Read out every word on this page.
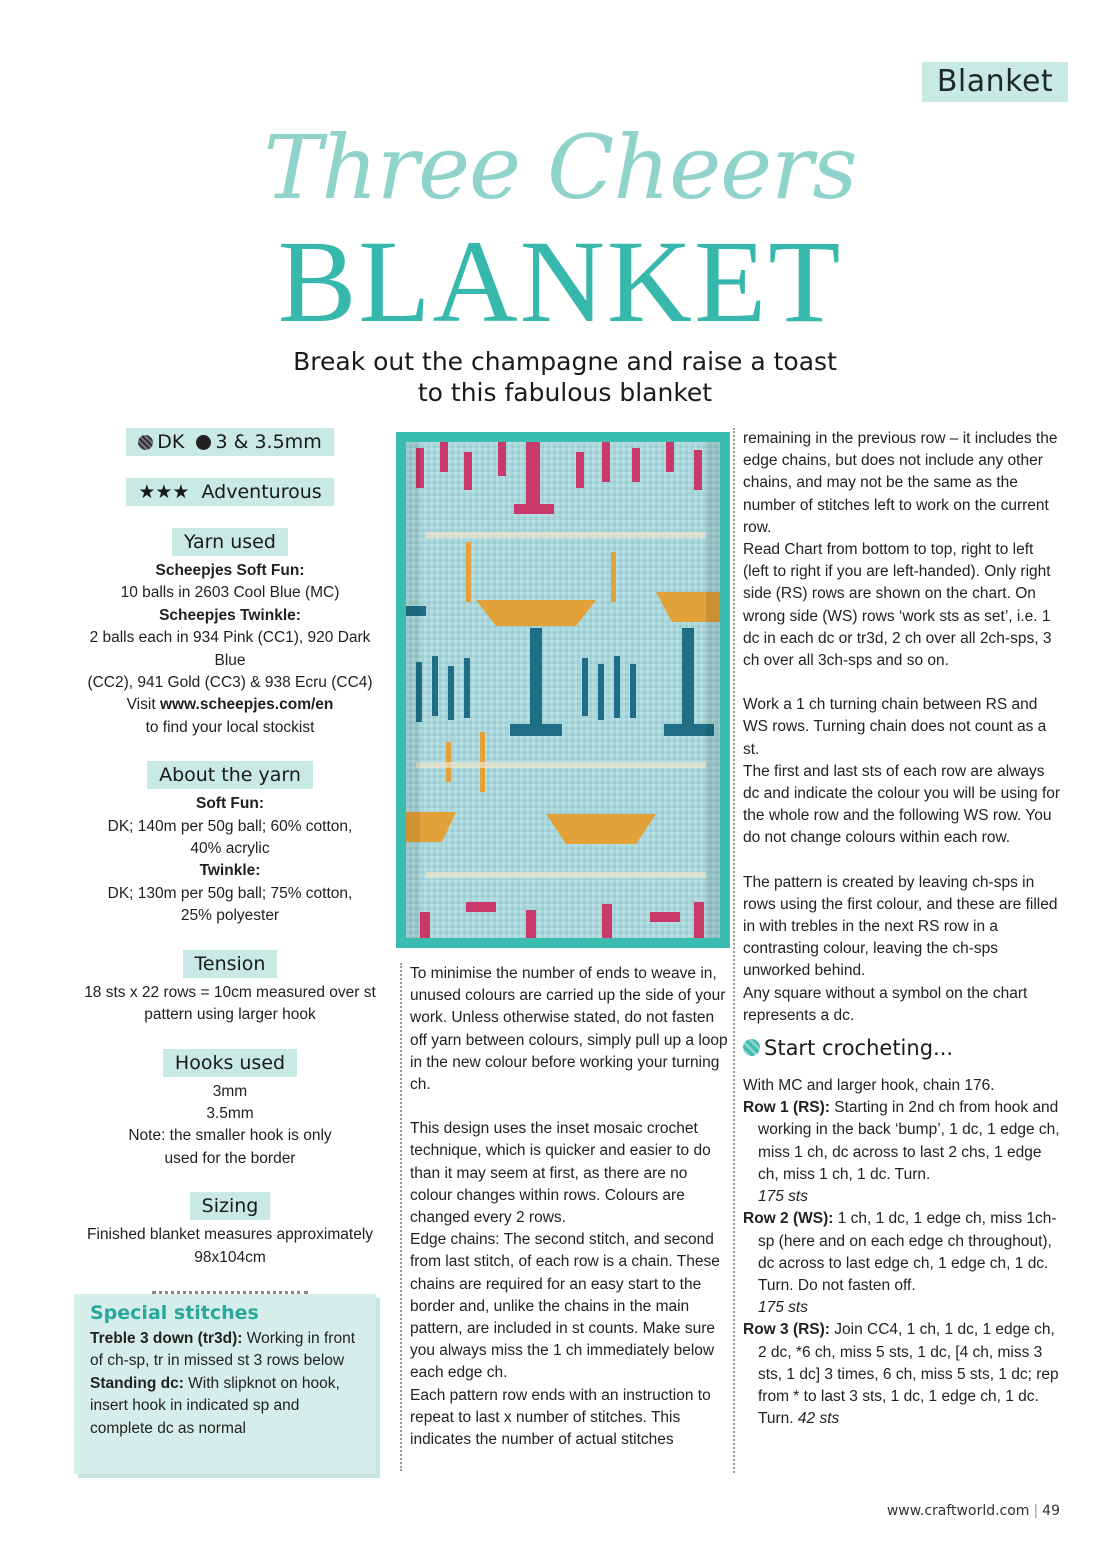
Blanket
Three Cheers
BLANKET
Break out the champagne and raise a toast
to this fabulous blanket
DK 3 & 3.5mm
★★★ Adventurous
Yarn used
Scheepjes Soft Fun:
10 balls in 2603 Cool Blue (MC)
Scheepjes Twinkle:
2 balls each in 934 Pink (CC1), 920 Dark Blue
(CC2), 941 Gold (CC3) & 938 Ecru (CC4)
Visit www.scheepjes.com/en
to find your local stockist
About the yarn
Soft Fun:
DK; 140m per 50g ball; 60% cotton,
40% acrylic
Twinkle:
DK; 130m per 50g ball; 75% cotton,
25% polyester
Tension
18 sts x 22 rows = 10cm measured over st
pattern using larger hook
Hooks used
3mm
3.5mm
Note: the smaller hook is only
used for the border
Sizing
Finished blanket measures approximately
98x104cm
Special stitches
Treble 3 down (tr3d): Working in front of ch-sp, tr in missed st 3 rows below
Standing dc: With slipknot on hook, insert hook in indicated sp and complete dc as normal

To minimise the number of ends to weave in, unused colours are carried up the side of your work. Unless otherwise stated, do not fasten off yarn between colours, simply pull up a loop in the new colour before working your turning ch.

This design uses the inset mosaic crochet technique, which is quicker and easier to do than it may seem at first, as there are no colour changes within rows. Colours are changed every 2 rows.

Edge chains: The second stitch, and second from last stitch, of each row is a chain. These chains are required for an easy start to the border and, unlike the chains in the main pattern, are included in st counts. Make sure you always miss the 1 ch immediately below each edge ch.

Each pattern row ends with an instruction to repeat to last x number of stitches. This indicates the number of actual stitches

remaining in the previous row – it includes the edge chains, but does not include any other chains, and may not be the same as the number of stitches left to work on the current row.

Read Chart from bottom to top, right to left (left to right if you are left-handed). Only right side (RS) rows are shown on the chart. On wrong side (WS) rows ‘work sts as set’, i.e. 1 dc in each dc or tr3d, 2 ch over all 2ch-sps, 3 ch over all 3ch-sps and so on.

Work a 1 ch turning chain between RS and WS rows. Turning chain does not count as a st.

The first and last sts of each row are always dc and indicate the colour you will be using for the whole row and the following WS row. You do not change colours within each row.

The pattern is created by leaving ch-sps in rows using the first colour, and these are filled in with trebles in the next RS row in a contrasting colour, leaving the ch-sps unworked behind.

Any square without a symbol on the chart represents a dc.

Start crocheting...

With MC and larger hook, chain 176.

Row 1 (RS): Starting in 2nd ch from hook and working in the back ‘bump’, 1 dc, 1 edge ch, miss 1 ch, dc across to last 2 chs, 1 edge ch, miss 1 ch, 1 dc. Turn.
175 sts

Row 2 (WS): 1 ch, 1 dc, 1 edge ch, miss 1ch-sp (here and on each edge ch throughout), dc across to last edge ch, 1 edge ch, 1 dc. Turn. Do not fasten off.
175 sts

Row 3 (RS): Join CC4, 1 ch, 1 dc, 1 edge ch, 2 dc, *6 ch, miss 5 sts, 1 dc, [4 ch, miss 3 sts, 1 dc] 3 times, 6 ch, miss 5 sts, 1 dc; rep from * to last 3 sts, 1 dc, 1 edge ch, 1 dc. Turn. 42 sts

www.craftworld.com | 49
